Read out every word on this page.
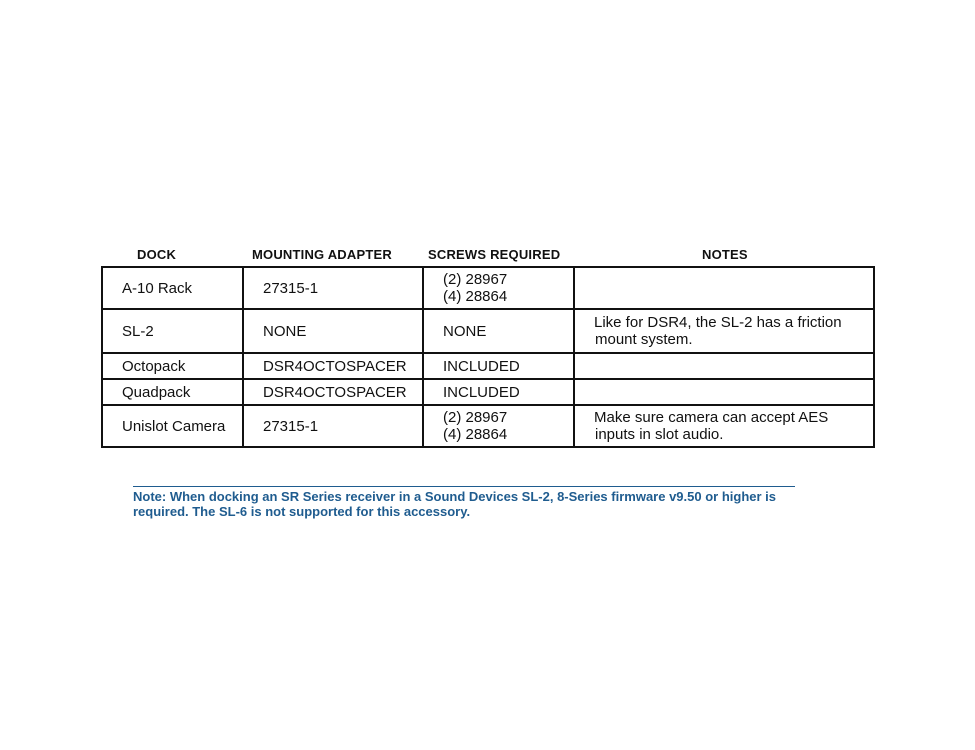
DOCK	MOUNTING ADAPTER	SCREWS REQUIRED	NOTES
A-10 Rack	27315-1	(2) 28967
(4) 28864	

SL-2	NONE	NONE	Like for DSR4, the SL-2 has a friction
mount system.

Octopack	DSR4OCTOSPACER	INCLUDED	

Quadpack	DSR4OCTOSPACER	INCLUDED	

Unislot Camera	27315-1	(2) 28967
(4) 28864	Make sure camera can accept AES
inputs in slot audio.
Note: When docking an SR Series receiver in a Sound Devices SL-2, 8-Series firmware v9.50 or higher is required. The SL-6 is not supported for this accessory.
